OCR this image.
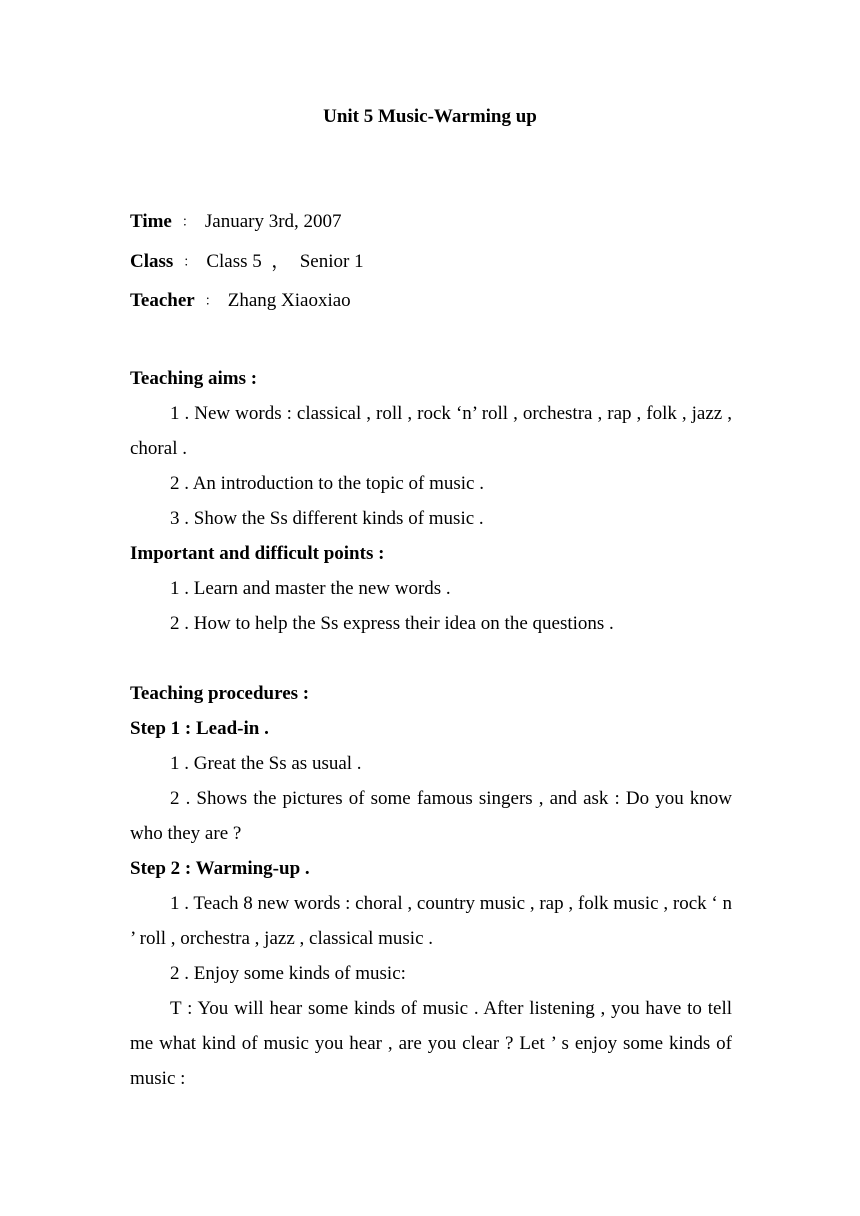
Unit 5 Music-Warming up
Time ： January 3rd, 2007
Class ： Class 5  ，  Senior 1
Teacher ： Zhang Xiaoxiao

Teaching aims :

1 . New words : classical , roll , rock ‘n’ roll , orchestra , rap , folk , jazz , choral .

2 . An introduction to the topic of music .

3 . Show the Ss different kinds of music .

Important and difficult points :

1 . Learn and master the new words .

2 . How to help the Ss express their idea on the questions .

Teaching procedures :

Step 1 : Lead-in .

1 . Great the Ss as usual .

2 . Shows the pictures of some famous singers , and ask : Do you know who they are ?

Step 2 : Warming-up .

1 . Teach 8 new words : choral , country music , rap , folk music , rock ‘ n ’ roll , orchestra , jazz , classical music .

2 . Enjoy some kinds of music:

T : You will hear some kinds of music . After listening , you have to tell me what kind of music you hear , are you clear ? Let ’ s enjoy some kinds of music :
